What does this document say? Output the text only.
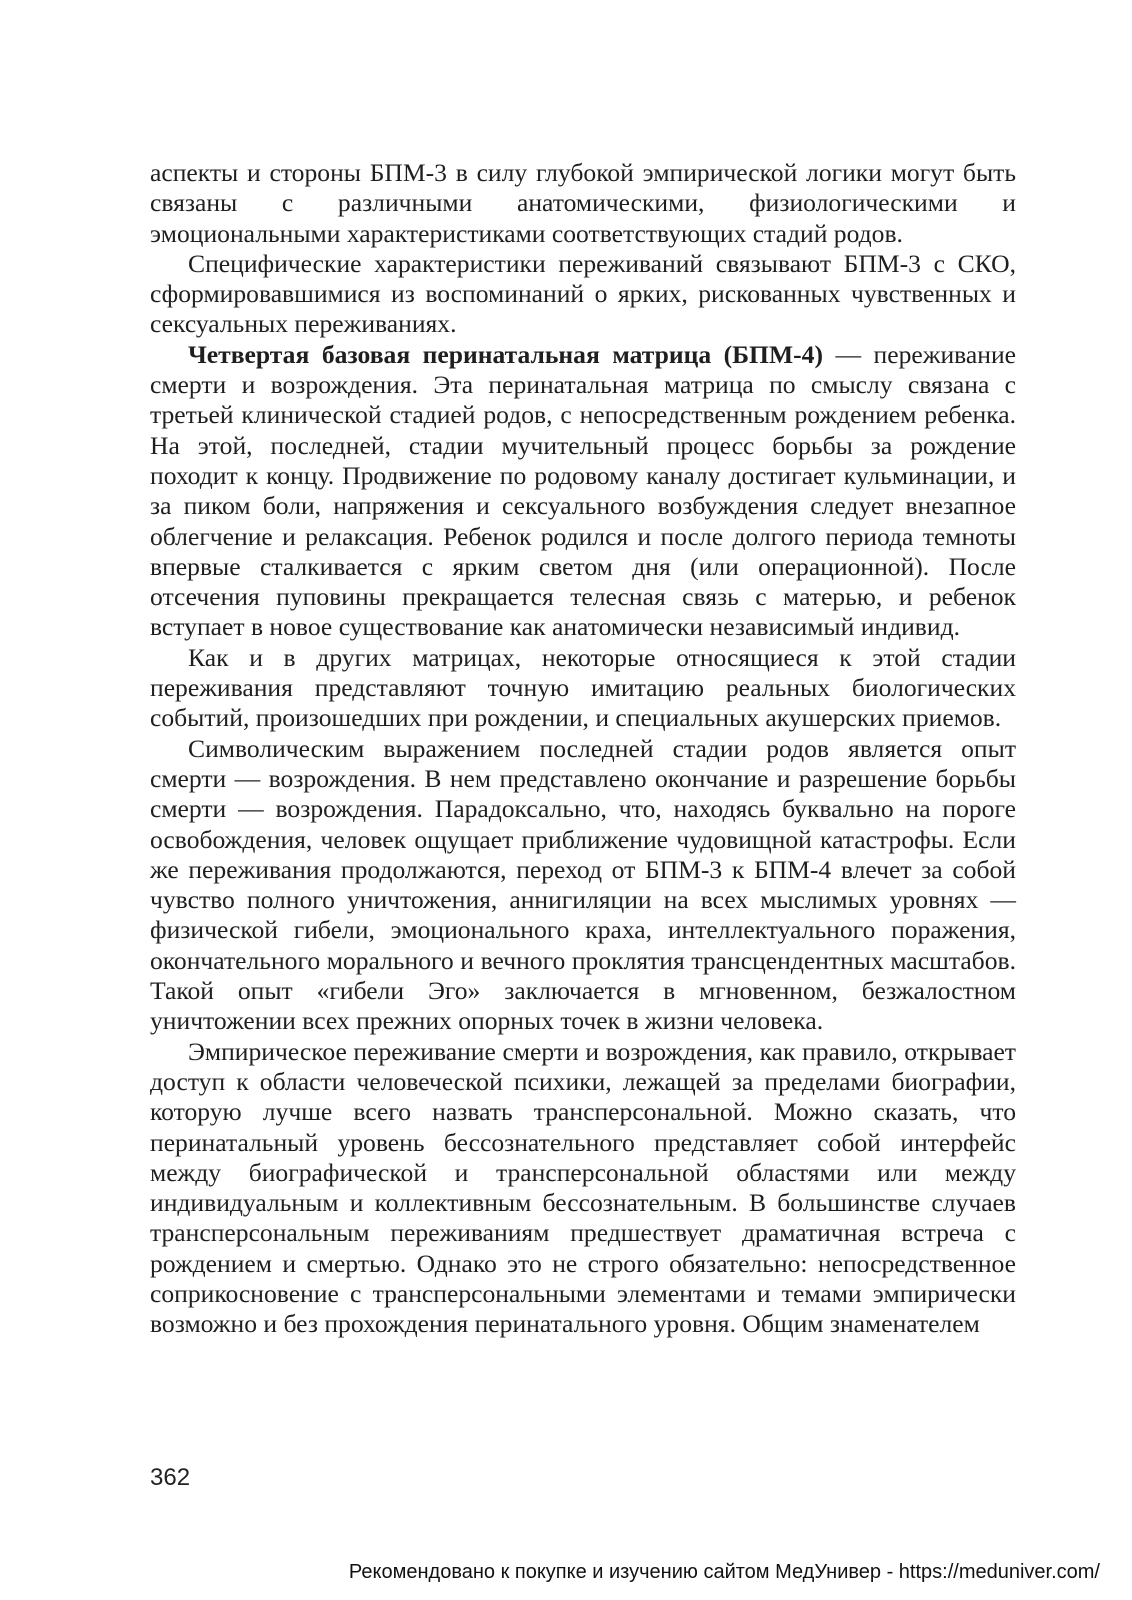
аспекты и стороны БПМ-3 в силу глубокой эмпирической логики могут быть связаны с различными анатомическими, физиологическими и эмоциональными характеристиками соответствующих стадий родов.

Специфические характеристики переживаний связывают БПМ-3 с СКО, сформировавшимися из воспоминаний о ярких, рискованных чувственных и сексуальных переживаниях.

Четвертая базовая перинатальная матрица (БПМ-4) — переживание смерти и возрождения. Эта перинатальная матрица по смыслу связана с третьей клинической стадией родов, с непосредственным рождением ребенка. На этой, последней, стадии мучительный процесс борьбы за рождение походит к концу. Продвижение по родовому каналу достигает кульминации, и за пиком боли, напряжения и сексуального возбуждения следует внезапное облегчение и релаксация. Ребенок родился и после долгого периода темноты впервые сталкивается с ярким светом дня (или операционной). После отсечения пуповины прекращается телесная связь с матерью, и ребенок вступает в новое существование как анатомически независимый индивид.

Как и в других матрицах, некоторые относящиеся к этой стадии переживания представляют точную имитацию реальных биологических событий, произошедших при рождении, и специальных акушерских приемов.

Символическим выражением последней стадии родов является опыт смерти — возрождения. В нем представлено окончание и разрешение борьбы смерти — возрождения. Парадоксально, что, находясь буквально на пороге освобождения, человек ощущает приближение чудовищной катастрофы. Если же переживания продолжаются, переход от БПМ-3 к БПМ-4 влечет за собой чувство полного уничтожения, аннигиляции на всех мыслимых уровнях — физической гибели, эмоционального краха, интеллектуального поражения, окончательного морального и вечного проклятия трансцендентных масштабов. Такой опыт «гибели Эго» заключается в мгновенном, безжалостном уничтожении всех прежних опорных точек в жизни человека.

Эмпирическое переживание смерти и возрождения, как правило, открывает доступ к области человеческой психики, лежащей за пределами биографии, которую лучше всего назвать трансперсональной. Можно сказать, что перинатальный уровень бессознательного представляет собой интерфейс между биографической и трансперсональной областями или между индивидуальным и коллективным бессознательным. В большинстве случаев трансперсональным переживаниям предшествует драматичная встреча с рождением и смертью. Однако это не строго обязательно: непосредственное соприкосновение с трансперсональными элементами и темами эмпирически возможно и без прохождения перинатального уровня. Общим знаменателем

362
Рекомендовано к покупке и изучению сайтом МедУнивер - https://meduniver.com/
